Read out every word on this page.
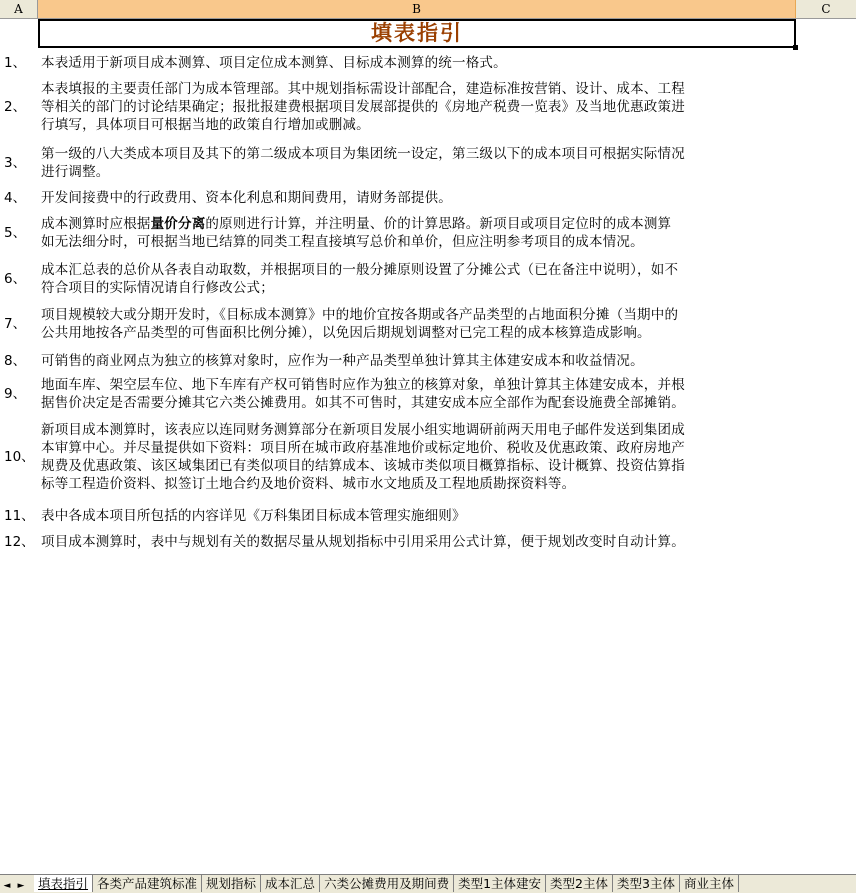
A	B	C
填表指引
1、	本表适用于新项目成本测算、项目定位成本测算、目标成本测算的统一格式。
2、
本表填报的主要责任部门为成本管理部。其中规划指标需设计部配合，建造标准按营销、设计、成本、工程
等相关的部门的讨论结果确定；报批报建费根据项目发展部提供的《房地产税费一览表》及当地优惠政策进
行填写，具体项目可根据当地的政策自行增加或删减。
3、
第一级的八大类成本项目及其下的第二级成本项目为集团统一设定，第三级以下的成本项目可根据实际情况
进行调整。
4、	开发间接费中的行政费用、资本化利息和期间费用，请财务部提供。
5、
成本测算时应根据量价分离的原则进行计算，并注明量、价的计算思路。新项目或项目定位时的成本测算
如无法细分时，可根据当地已结算的同类工程直接填写总价和单价，但应注明参考项目的成本情况。
6、
成本汇总表的总价从各表自动取数，并根据项目的一般分摊原则设置了分摊公式（已在备注中说明），如不
符合项目的实际情况请自行修改公式；
7、
项目规模较大或分期开发时，《目标成本测算》中的地价宜按各期或各产品类型的占地面积分摊（当期中的
公共用地按各产品类型的可售面积比例分摊），以免因后期规划调整对已完工程的成本核算造成影响。
8、	可销售的商业网点为独立的核算对象时，应作为一种产品类型单独计算其主体建安成本和收益情况。
9、
地面车库、架空层车位、地下车库有产权可销售时应作为独立的核算对象，单独计算其主体建安成本，并根
据售价决定是否需要分摊其它六类公摊费用。如其不可售时，其建安成本应全部作为配套设施费全部摊销。
10、
新项目成本测算时，该表应以连同财务测算部分在新项目发展小组实地调研前两天用电子邮件发送到集团成
本审算中心。并尽量提供如下资料：项目所在城市政府基准地价或标定地价、税收及优惠政策、政府房地产
规费及优惠政策、该区域集团已有类似项目的结算成本、该城市类似项目概算指标、设计概算、投资估算指
标等工程造价资料、拟签订土地合约及地价资料、城市水文地质及工程地质勘探资料等。
11、 表中各成本项目所包括的内容详见《万科集团目标成本管理实施细则》
12、 项目成本测算时，表中与规划有关的数据尽量从规划指标中引用采用公式计算，便于规划改变时自动计算。
◄ ►	填表指引 各类产品建筑标准 规划指标 成本汇总 六类公摊费用及期间费 类型1主体建安 类型2主体 类型3主体 商业主体
